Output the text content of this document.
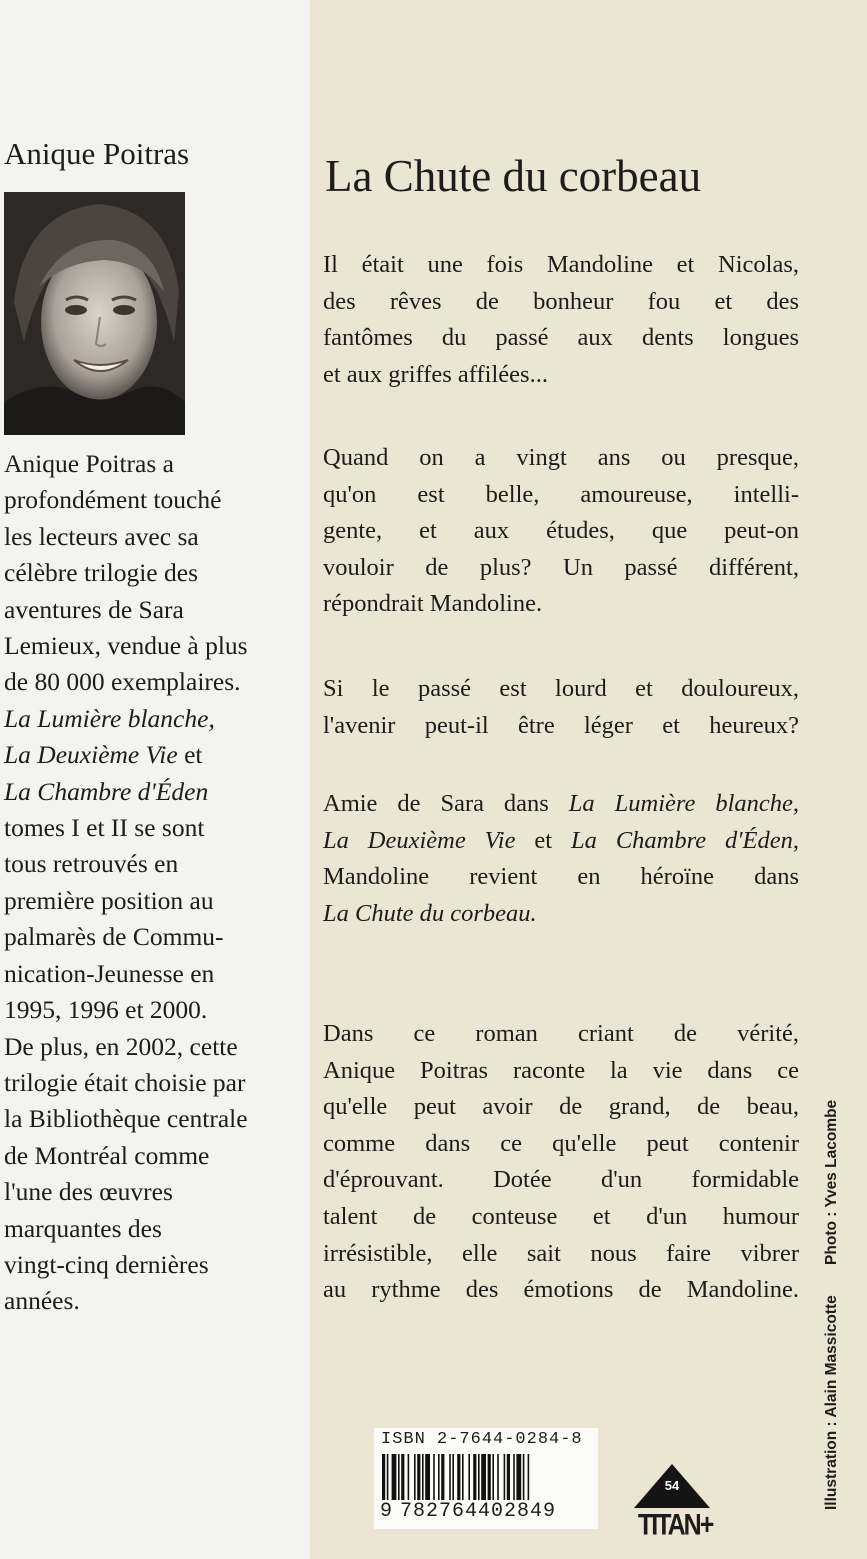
Anique Poitras
Anique Poitras a
profondément touché
les lecteurs avec sa
célèbre trilogie des
aventures de Sara
Lemieux, vendue à plus
de 80 000 exemplaires.
La Lumière blanche,
La Deuxième Vie et
La Chambre d'Éden
tomes I et II se sont
tous retrouvés en
première position au
palmarès de Commu-
nication-Jeunesse en
1995, 1996 et 2000.
De plus, en 2002, cette
trilogie était choisie par
la Bibliothèque centrale
de Montréal comme
l'une des œuvres
marquantes des
vingt-cinq dernières
années.
La Chute du corbeau
Il était une fois Mandoline et Nicolas,
des rêves de bonheur fou et des
fantômes du passé aux dents longues
et aux griffes affilées...
Quand on a vingt ans ou presque,
qu'on est belle, amoureuse, intelli-
gente, et aux études, que peut-on
vouloir de plus? Un passé différent,
répondrait Mandoline.
Si le passé est lourd et douloureux,
l'avenir peut-il être léger et heureux?
Amie de Sara dans La Lumière blanche,
La Deuxième Vie et La Chambre d'Éden,
Mandoline revient en héroïne dans
La Chute du corbeau.
Dans ce roman criant de vérité,
Anique Poitras raconte la vie dans ce
qu'elle peut avoir de grand, de beau,
comme dans ce qu'elle peut contenir
d'éprouvant. Dotée d'un formidable
talent de conteuse et d'un humour
irrésistible, elle sait nous faire vibrer
au rythme des émotions de Mandoline.
Illustration : Alain Massicotte Photo : Yves Lacombe
ISBN 2-7644-0284-8
9 782764402849
54
TITAN+
